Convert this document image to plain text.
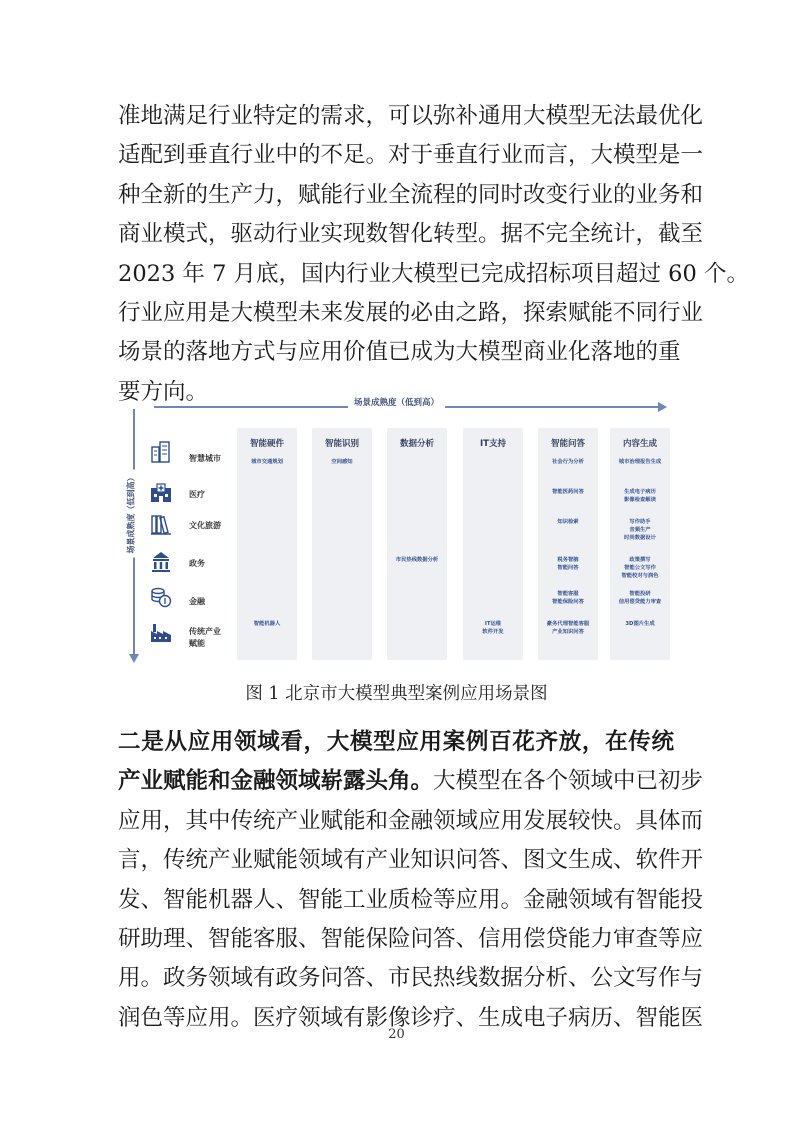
准地满足行业特定的需求，可以弥补通用大模型无法最优化
适配到垂直行业中的不足。对于垂直行业而言，大模型是一
种全新的生产力，赋能行业全流程的同时改变行业的业务和
商业模式，驱动行业实现数智化转型。据不完全统计，截至
2023 年 7 月底，国内行业大模型已完成招标项目超过 60 个。
行业应用是大模型未来发展的必由之路，探索赋能不同行业
场景的落地方式与应用价值已成为大模型商业化落地的重
要方向。	场景成熟度（低到高）
场景成熟度（低到高）
智能硬件
城市交通规划
智能机器人
智能识别
空间感知
数据分析
市民热线数据分析
IT支持
IT运维
软件开发
智能问答
社会行为分析
智能医药问答
知识检索
税务智脑
智能问答
智能客服
智能保险问答
豪务代理智能客服
产业知识问答
内容生成
城市治理报告生成
生成电子病历
影像检查解读
写作助手
音频生产
时尚数据设计
政策撰写
智能公文写作
智能校对与润色
智能投研
信用偿贷能力审查
3D图片生成
智慧城市
医疗
文化旅游
政务
金融
传统产业
赋能
图 1 北京市大模型典型案例应用场景图
二是从应用领域看，大模型应用案例百花齐放，在传统
产业赋能和金融领域崭露头角。大模型在各个领域中已初步
应用，其中传统产业赋能和金融领域应用发展较快。具体而
言，传统产业赋能领域有产业知识问答、图文生成、软件开
发、智能机器人、智能工业质检等应用。金融领域有智能投
研助理、智能客服、智能保险问答、信用偿贷能力审查等应
用。政务领域有政务问答、市民热线数据分析、公文写作与
润色等应用。医疗领域有影像诊疗、生成电子病历、智能医
20
